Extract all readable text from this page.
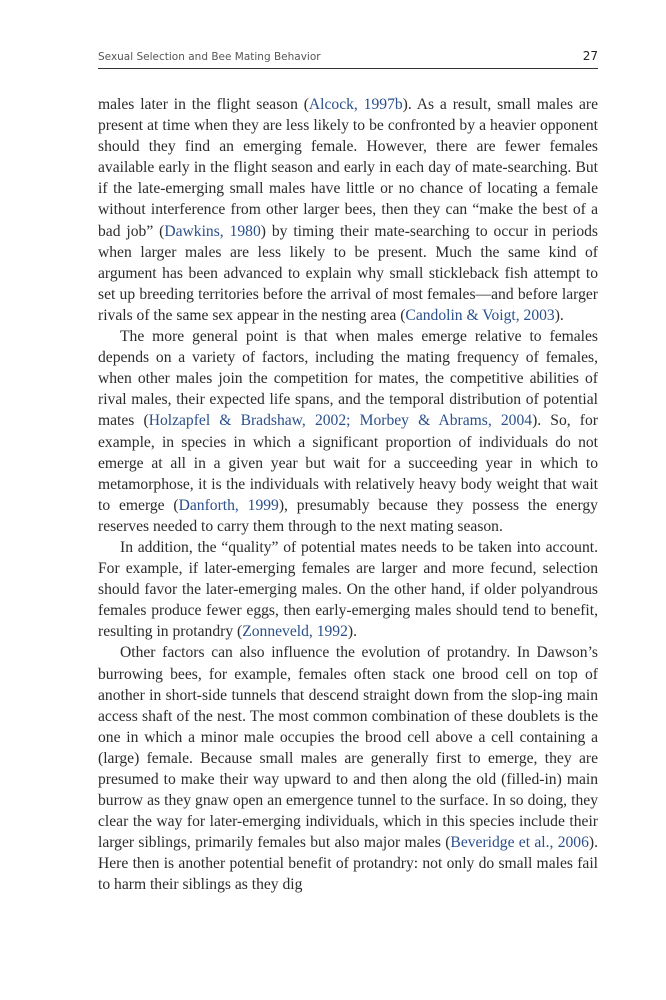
Sexual Selection and Bee Mating Behavior	27

males later in the flight season (Alcock, 1997b). As a result, small males are present at time when they are less likely to be confronted by a heavier opponent should they find an emerging female. However, there are fewer females available early in the flight season and early in each day of mate-searching. But if the late-emerging small males have little or no chance of locating a female without interference from other larger bees, then they can “make the best of a bad job” (Dawkins, 1980) by timing their mate-searching to occur in periods when larger males are less likely to be present. Much the same kind of argument has been advanced to explain why small stickleback fish attempt to set up breeding territories before the arrival of most females—and before larger rivals of the same sex appear in the nesting area (Candolin & Voigt, 2003).

The more general point is that when males emerge relative to females depends on a variety of factors, including the mating frequency of females, when other males join the competition for mates, the competitive abilities of rival males, their expected life spans, and the temporal distribution of potential mates (Holzapfel & Bradshaw, 2002; Morbey & Abrams, 2004). So, for example, in species in which a significant proportion of individuals do not emerge at all in a given year but wait for a succeeding year in which to metamorphose, it is the individuals with relatively heavy body weight that wait to emerge (Danforth, 1999), presumably because they possess the energy reserves needed to carry them through to the next mating season.

In addition, the “quality” of potential mates needs to be taken into account. For example, if later-emerging females are larger and more fecund, selection should favor the later-emerging males. On the other hand, if older polyandrous females produce fewer eggs, then early-emerging males should tend to benefit, resulting in protandry (Zonneveld, 1992).

Other factors can also influence the evolution of protandry. In Dawson’s burrowing bees, for example, females often stack one brood cell on top of another in short-side tunnels that descend straight down from the slop-ing main access shaft of the nest. The most common combination of these doublets is the one in which a minor male occupies the brood cell above a cell containing a (large) female. Because small males are generally first to emerge, they are presumed to make their way upward to and then along the old (filled-in) main burrow as they gnaw open an emergence tunnel to the surface. In so doing, they clear the way for later-emerging individuals, which in this species include their larger siblings, primarily females but also major males (Beveridge et al., 2006). Here then is another potential benefit of protandry: not only do small males fail to harm their siblings as they dig
